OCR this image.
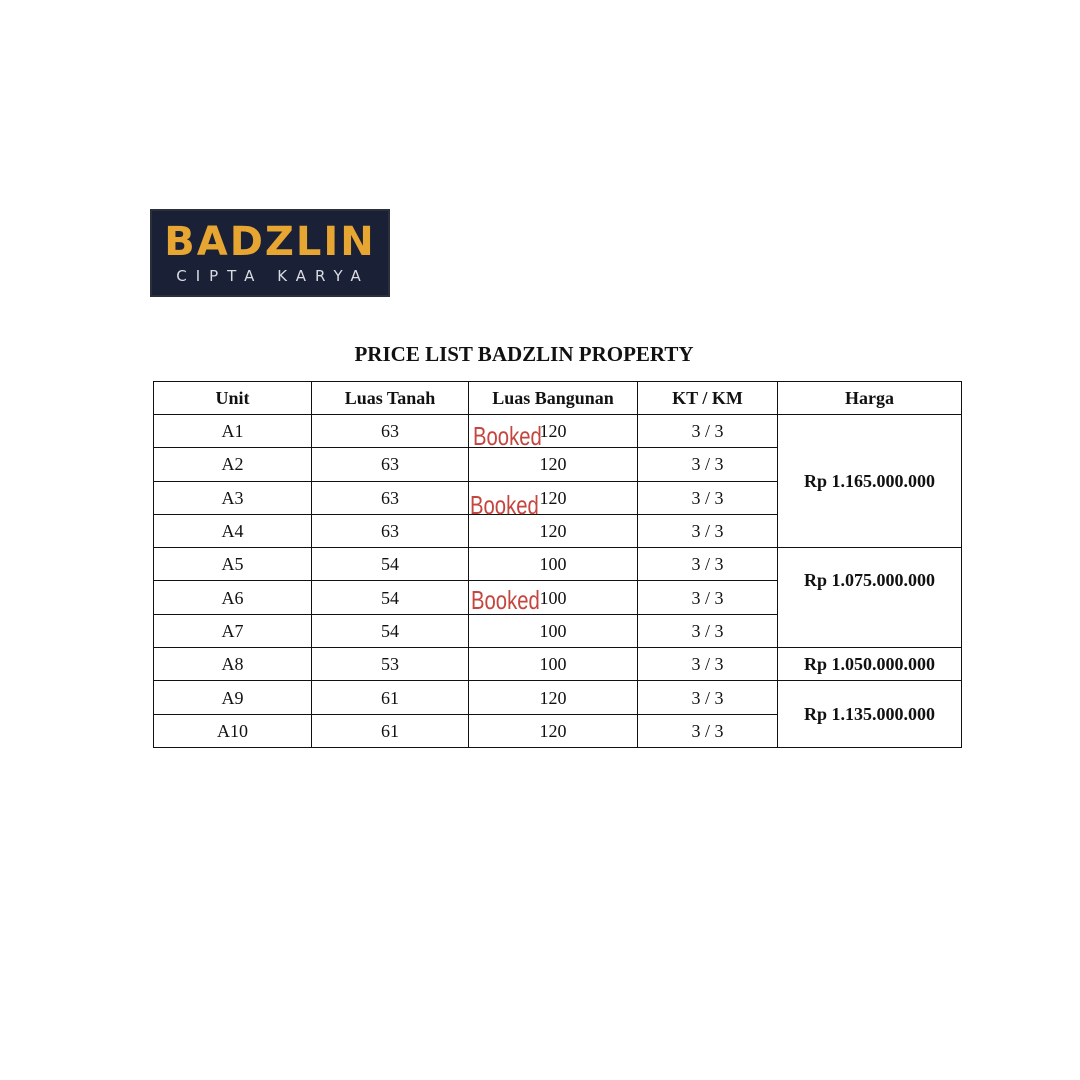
BADZLIN
CIPTA KARYA
PRICE LIST BADZLIN PROPERTY
Unit	Luas Tanah	Luas Bangunan	KT / KM	Harga
A1	63	120	3 / 3	Rp 1.165.000.000
A2	63	120	3 / 3	
A3	63	120	3 / 3	
A4	63	120	3 / 3	
A5	54	100	3 / 3	Rp 1.075.000.000
A6	54	100	3 / 3	
A7	54	100	3 / 3	
A8	53	100	3 / 3	Rp 1.050.000.000
A9	61	120	3 / 3	Rp 1.135.000.000
A10	61	120	3 / 3	
Booked
Booked
Booked
